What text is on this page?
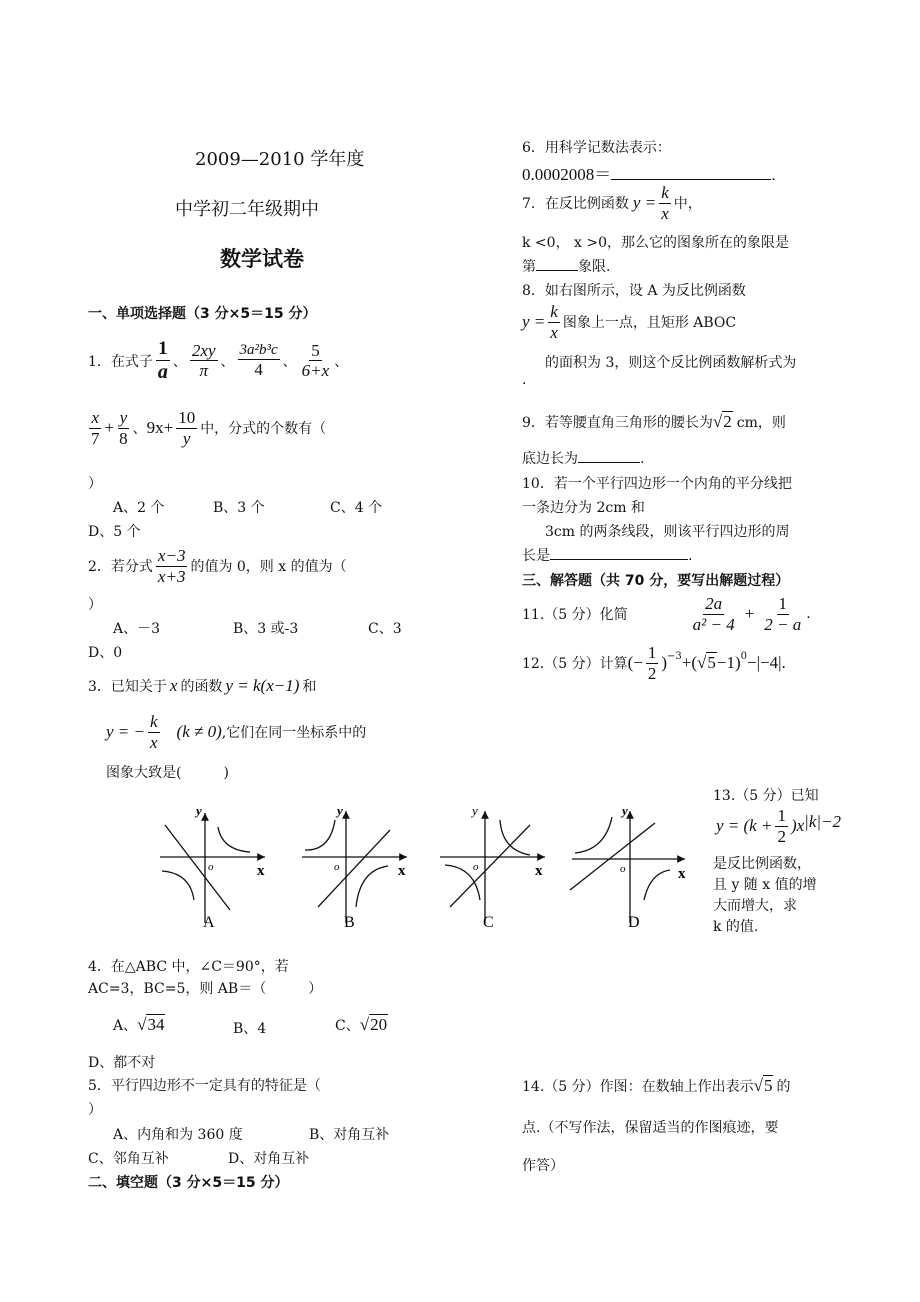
2009—2010 学年度
中学初二年级期中
数学试卷
一、单项选择题（3 分×5＝15 分）
1．在式子 $\frac{1}{a}$ 、 $\frac{2xy}{\pi}$ 、 $\frac{\text{3a²b³c}}{4}$ 、 $\frac{5}{6+x}$ 、
$\frac{x}{7} + \frac{y}{8}$ 、 $9x+ \frac{10}{y}$ 中，分式的个数有（
）
A、2 个	B、3 个	C、4 个
D、5 个
2．若分式 $\frac{x-3}{x+3}$ 的值为 0，则 x 的值为（
）
A、－3	B、3 或-3	C、3
D、0
3．已知关于 x 的函数 y = k(x−1) 和
y = − $\frac{k}{x} (k \ne 0)$ ,它们在同一坐标系中的
图象大致是(　　　)
y
o	x
A
y
o	x
B
y
o	x
C
y
o	x
D
13.（5 分）已知
$y = (k + \frac{1}{2} )x$ |k|−2
是反比例函数，
且 y 随 x 值的增
大而增大，求
k 的值.
4．在△ABC 中，∠C＝90°，若
AC=3，BC=5，则 AB＝（　　　）
A、 √34	B、4	C、 √20
D、都不对
5．平行四边形不一定具有的特征是（
）
A、内角和为 360 度	B、对角互补
C、邻角互补	D、对角互补
二、填空题（3 分×5＝15 分）
6．用科学记数法表示：
0.0002008＝	.
7．在反比例函数 $y = \frac{k}{x}$ 中，
k <0， x >0，那么它的图象所在的象限是
第	象限.
8．如右图所示，设 A 为反比例函数
$y = \frac{k}{x}$ 图象上一点，且矩形 ABOC
的面积为 3，则这个反比例函数解析式为
.
9．若等腰直角三角形的腰长为 √2 cm，则
底边长为	.
10．若一个平行四边形一个内角的平分线把
一条边分为 2cm 和
3cm 的两条线段，则该平行四边形的周
长是	.
三、解答题（共 70 分，要写出解题过程）
11.（5 分）化简	$\frac{2a}{\text{a² − 4}} + \frac{1}{2 - a}$ .
12.（5 分）计算 (− $\frac{1}{2} )^{-3}$ +( √5 −1)$^0$ −|−4|.
14.（5 分）作图：在数轴上作出表示 √5 的
点.（不写作法，保留适当的作图痕迹，要
作答）
